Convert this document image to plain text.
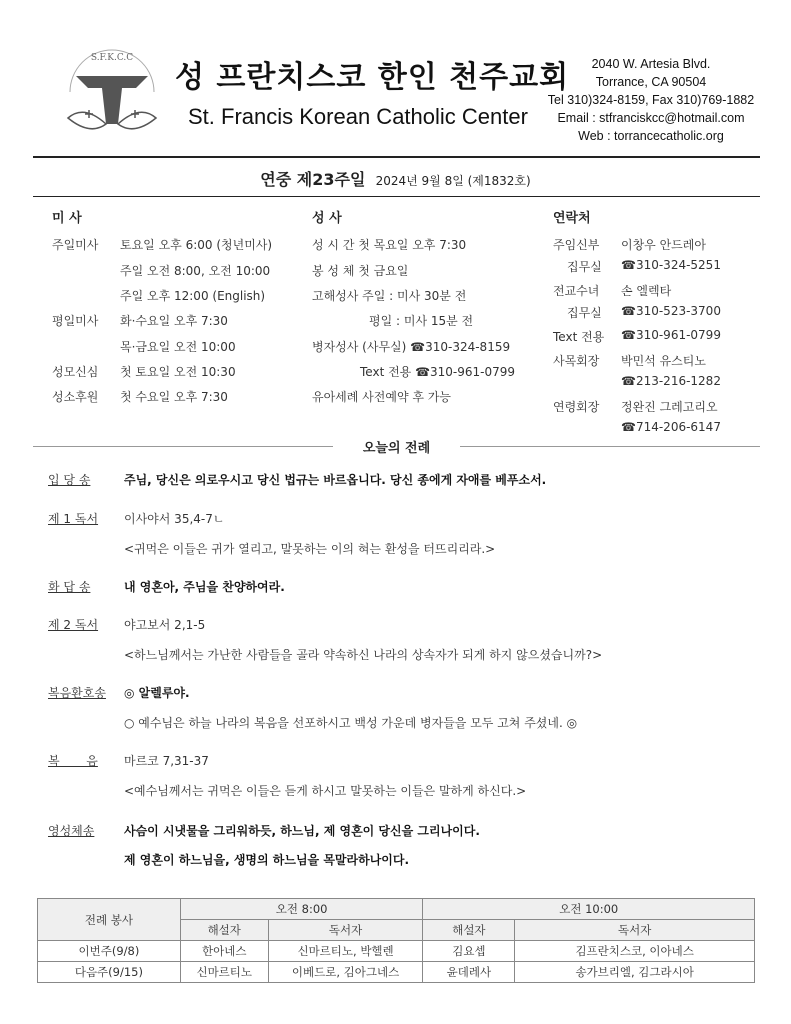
S.F.K.C.C
성 프란치스코 한인 천주교회
St. Francis Korean Catholic Center
2040 W. Artesia Blvd.
Torrance, CA 90504
Tel 310)324-8159, Fax 310)769-1882
Email : stfranciskcc@hotmail.com
Web : torrancecatholic.org
연중 제23주일 2024년 9월 8일 (제1832호)
미 사
주일미사 토요일 오후 6:00 (청년미사)
주일 오전 8:00, 오전 10:00
주일 오후 12:00 (English)
평일미사 화·수요일 오후 7:30
목·금요일 오전 10:00
성모신심 첫 토요일 오전 10:30
성소후원 첫 수요일 오후 7:30
성 사
성 시 간 첫 목요일 오후 7:30
봉 성 체 첫 금요일
고해성사 주일 : 미사 30분 전
평일 : 미사 15분 전
병자성사 (사무실) ☎310-324-8159
Text 전용 ☎310-961-0799
유아세례 사전예약 후 가능
연락처
주임신부 이창우 안드레아
집무실 ☎310-324-5251
전교수녀 손 엘렉타
집무실 ☎310-523-3700
Text 전용 ☎310-961-0799
사목회장 박민석 유스티노
☎213-216-1282
연령회장 정완진 그레고리오
☎714-206-6147
오늘의 전례
입 당 송	주님, 당신은 의로우시고 당신 법규는 바르옵니다. 당신 종에게 자애를 베푸소서.
제 1 독서 이사야서 35,4-7ㄴ
<귀먹은 이들은 귀가 열리고, 말못하는 이의 혀는 환성을 터뜨리리라.>
화 답 송	내 영혼아, 주님을 찬양하여라.
제 2 독서 야고보서 2,1-5
<하느님께서는 가난한 사람들을 골라 약속하신 나라의 상속자가 되게 하지 않으셨습니까?>
복음환호송 ◎ 알렐루야.
○ 예수님은 하늘 나라의 복음을 선포하시고 백성 가운데 병자들을 모두 고쳐 주셨네. ◎
복       음 마르코 7,31-37
<예수님께서는 귀먹은 이들은 듣게 하시고 말못하는 이들은 말하게 하신다.>
영성체송 사슴이 시냇물을 그리워하듯, 하느님, 제 영혼이 당신을 그리나이다.
제 영혼이 하느님을, 생명의 하느님을 목말라하나이다.
전례 봉사	오전 8:00		오전 10:00	
	해설자	독서자	해설자	독서자
이번주(9/8)	한아네스	신마르티노, 박헬렌	김요셉	김프란치스코, 이아네스
다음주(9/15)	신마르티노	이베드로, 김아그네스	윤데레사	송가브리엘, 김그라시아
